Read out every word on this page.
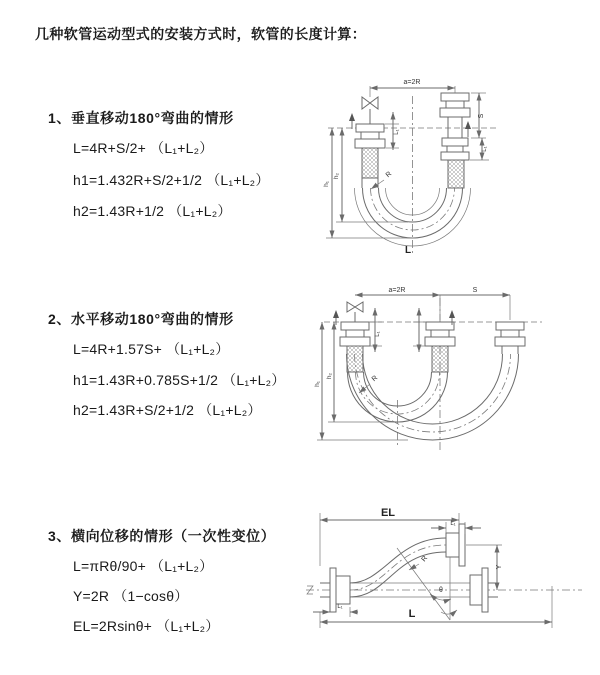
几种软管运动型式的安装方式时，软管的长度计算：
1、垂直移动180°弯曲的情形
L=4R+S/2+ （L₁+L₂）
h1=1.432R+S/2+1/2 （L₁+L₂）
h2=1.43R+1/2 （L₁+L₂）
2、水平移动180°弯曲的情形
L=4R+1.57S+ （L₁+L₂）
h1=1.43R+0.785S+1/2 （L₁+L₂）
h2=1.43R+S/2+1/2 （L₁+L₂）
3、横向位移的情形（一次性变位）
L=πRθ/90+ （L₁+L₂）
Y=2R （1−cosθ）
EL=2Rsinθ+ （L₁+L₂）
a=2R
L₁
S
L₁
h₁
h₂	R
L
a=2R	S
L₁
h₁
h₂	R
θ
EL
L₁
Y
L
L₁
R
